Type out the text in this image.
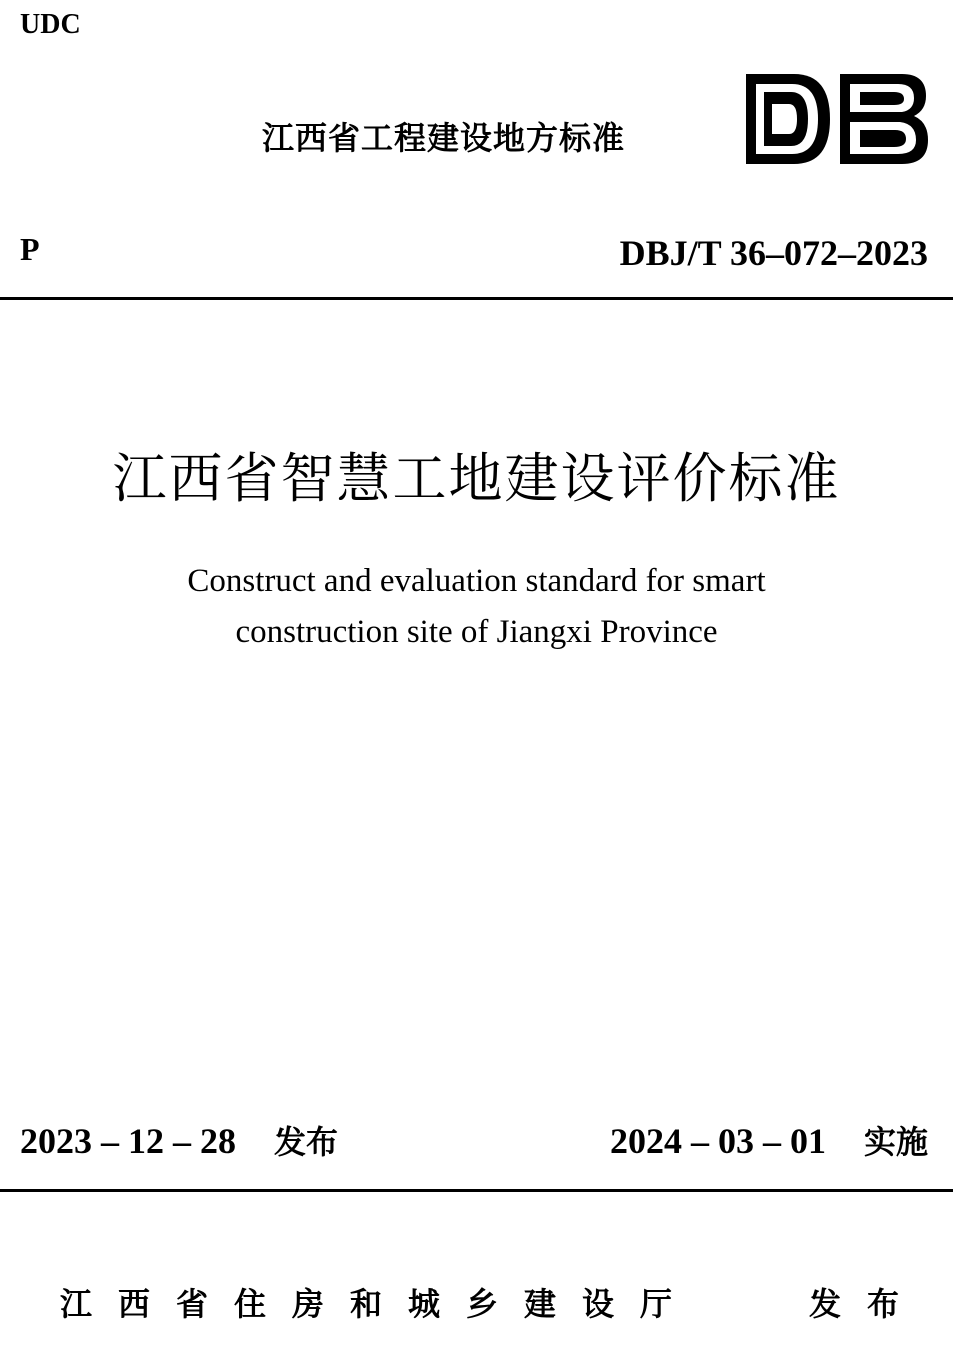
UDC
江西省工程建设地方标准
P	DBJ/T 36–072–2023
江西省智慧工地建设评价标准
Construct and evaluation standard for smart
construction site of Jiangxi Province
2023 – 12 – 28 发布	2024 – 03 – 01 实施
江西省住房和城乡建设厅	发布
